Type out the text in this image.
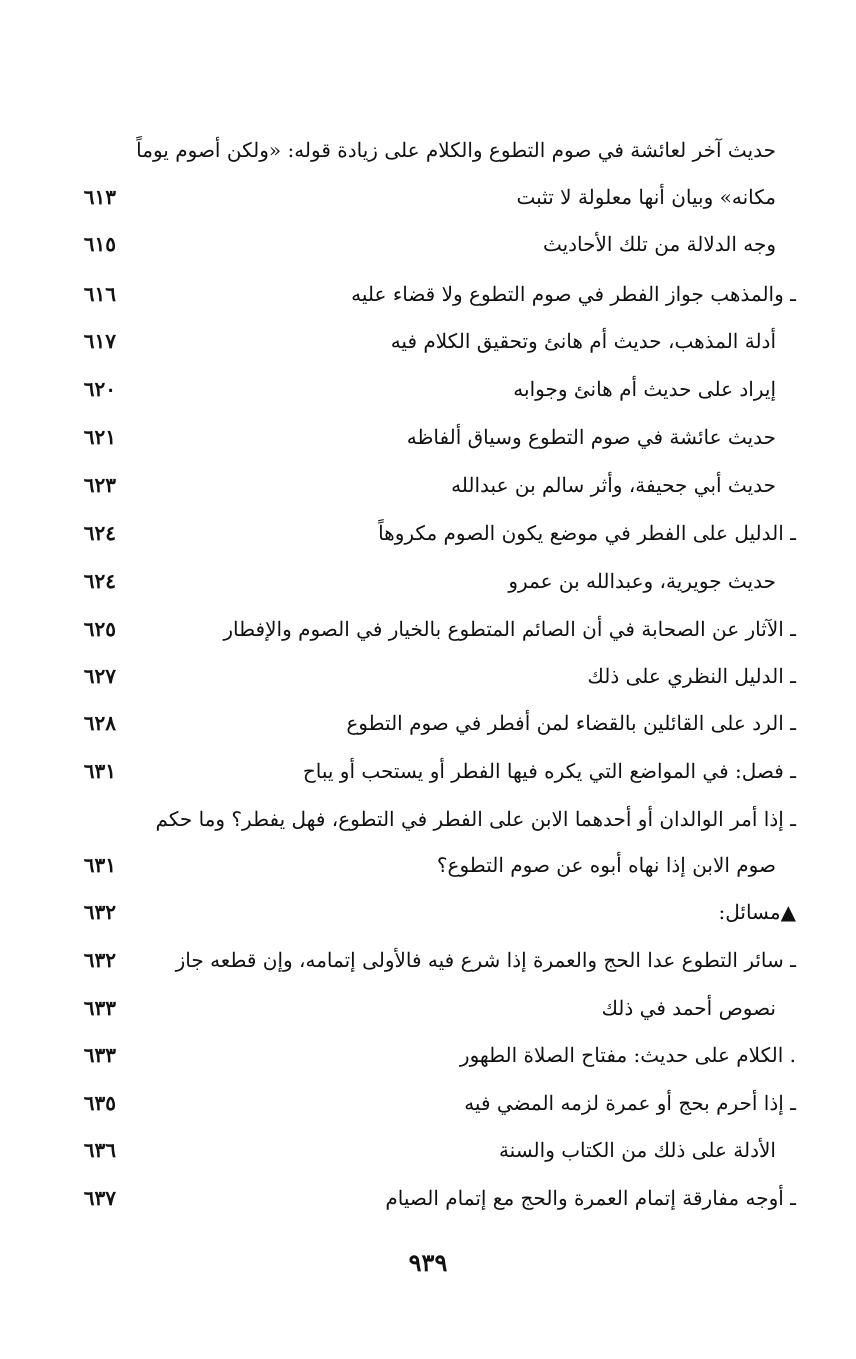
حديث آخر لعائشة في صوم التطوع والكلام على زيادة قوله: «ولكن أصوم يوماً
مكانه» وبيان أنها معلولة لا تثبت
٦١٣
وجه الدلالة من تلك الأحاديث
٦١٥
ـ والمذهب جواز الفطر في صوم التطوع ولا قضاء عليه
٦١٦
أدلة المذهب، حديث أم هانئ وتحقيق الكلام فيه
٦١٧
إيراد على حديث أم هانئ وجوابه
٦٢٠
حديث عائشة في صوم التطوع وسياق ألفاظه
٦٢١
حديث أبي جحيفة، وأثر سالم بن عبدالله
٦٢٣
ـ الدليل على الفطر في موضع يكون الصوم مكروهاً
٦٢٤
حديث جويرية، وعبدالله بن عمرو
٦٢٤
ـ الآثار عن الصحابة في أن الصائم المتطوع بالخيار في الصوم والإفطار
٦٢٥
ـ الدليل النظري على ذلك
٦٢٧
ـ الرد على القائلين بالقضاء لمن أفطر في صوم التطوع
٦٢٨
ـ فصل: في المواضع التي يكره فيها الفطر أو يستحب أو يباح
٦٣١
ـ إذا أمر الوالدان أو أحدهما الابن على الفطر في التطوع، فهل يفطر؟ وما حكم
صوم الابن إذا نهاه أبوه عن صوم التطوع؟
٦٣١
▲مسائل:
٦٣٢
ـ سائر التطوع عدا الحج والعمرة إذا شرع فيه فالأولى إتمامه، وإن قطعه جاز
٦٣٢
نصوص أحمد في ذلك
٦٣٣
. الكلام على حديث: مفتاح الصلاة الطهور
٦٣٣
ـ إذا أحرم بحج أو عمرة لزمه المضي فيه
٦٣٥
الأدلة على ذلك من الكتاب والسنة
٦٣٦
ـ أوجه مفارقة إتمام العمرة والحج مع إتمام الصيام
٦٣٧
٩٣٩
